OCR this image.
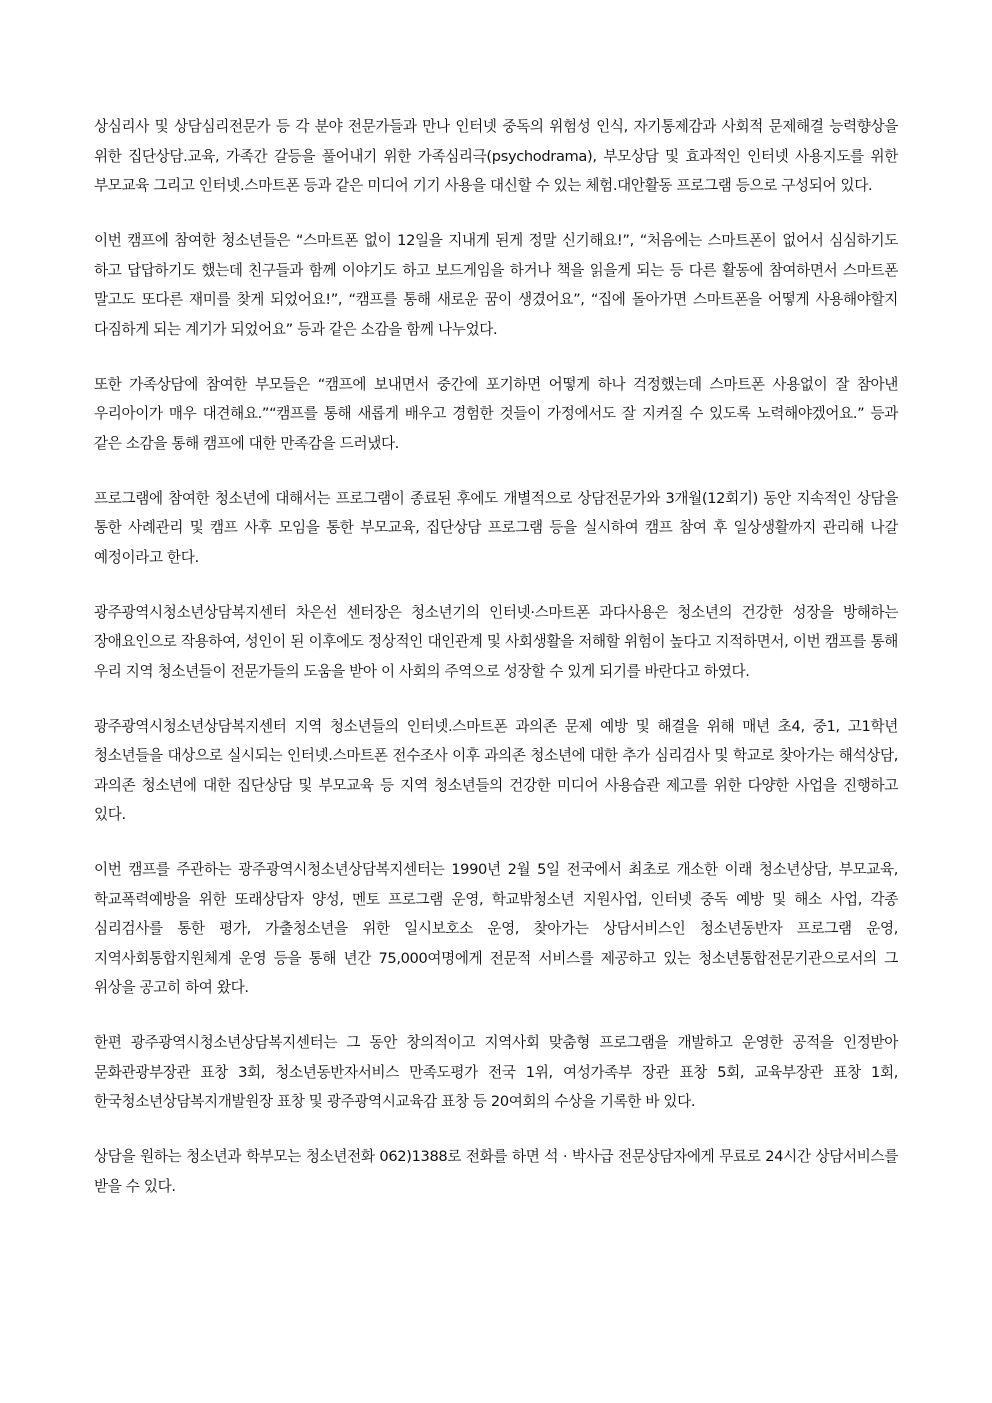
상심리사 및 상담심리전문가 등 각 분야 전문가들과 만나 인터넷 중독의 위험성 인식, 자기통제감과 사회적 문제해결 능력향상을 위한 집단상담.교육, 가족간 갈등을 풀어내기 위한 가족심리극(psychodrama), 부모상담 및 효과적인 인터넷 사용지도를 위한 부모교육 그리고 인터넷.스마트폰 등과 같은 미디어 기기 사용을 대신할 수 있는 체험.대안활동 프로그램 등으로 구성되어 있다.

이번 캠프에 참여한 청소년들은 “스마트폰 없이 12일을 지내게 된게 정말 신기해요!”, “처음에는 스마트폰이 없어서 심심하기도 하고 답답하기도 했는데 친구들과 함께 이야기도 하고 보드게임을 하거나 책을 읽을게 되는 등 다른 활동에 참여하면서 스마트폰 말고도 또다른 재미를 찾게 되었어요!”, “캠프를 통해 새로운 꿈이 생겼어요”, “집에 돌아가면 스마트폰을 어떻게 사용해야할지 다짐하게 되는 계기가 되었어요” 등과 같은 소감을 함께 나누었다.

또한 가족상담에 참여한 부모들은 “캠프에 보내면서 중간에 포기하면 어떻게 하나 걱정했는데 스마트폰 사용없이 잘 참아낸 우리아이가 매우 대견해요.”“캠프를 통해 새롭게 배우고 경험한 것들이 가정에서도 잘 지켜질 수 있도록 노력해야겠어요.” 등과 같은 소감을 통해 캠프에 대한 만족감을 드러냈다.

프로그램에 참여한 청소년에 대해서는 프로그램이 종료된 후에도 개별적으로 상담전문가와 3개월(12회기) 동안 지속적인 상담을 통한 사례관리 및 캠프 사후 모임을 통한 부모교육, 집단상담 프로그램 등을 실시하여 캠프 참여 후 일상생활까지 관리해 나갈 예정이라고 한다.

광주광역시청소년상담복지센터 차은선 센터장은 청소년기의 인터넷·스마트폰 과다사용은 청소년의 건강한 성장을 방해하는 장애요인으로 작용하여, 성인이 된 이후에도 정상적인 대인관계 및 사회생활을 저해할 위험이 높다고 지적하면서, 이번 캠프를 통해 우리 지역 청소년들이 전문가들의 도움을 받아 이 사회의 주역으로 성장할 수 있게 되기를 바란다고 하였다.

광주광역시청소년상담복지센터 지역 청소년들의 인터넷.스마트폰 과의존 문제 예방 및 해결을 위해 매년 초4, 중1, 고1학년 청소년들을 대상으로 실시되는 인터넷.스마트폰 전수조사 이후 과의존 청소년에 대한 추가 심리검사 및 학교로 찾아가는 해석상담, 과의존 청소년에 대한 집단상담 및 부모교육 등 지역 청소년들의 건강한 미디어 사용습관 제고를 위한 다양한 사업을 진행하고 있다.

이번 캠프를 주관하는 광주광역시청소년상담복지센터는 1990년 2월 5일 전국에서 최초로 개소한 이래 청소년상담, 부모교육, 학교폭력예방을 위한 또래상담자 양성, 멘토 프로그램 운영, 학교밖청소년 지원사업, 인터넷 중독 예방 및 해소 사업, 각종 심리검사를 통한 평가, 가출청소년을 위한 일시보호소 운영, 찾아가는 상담서비스인 청소년동반자 프로그램 운영, 지역사회통합지원체계 운영 등을 통해 년간 75,000여명에게 전문적 서비스를 제공하고 있는 청소년통합전문기관으로서의 그 위상을 공고히 하여 왔다.

한편 광주광역시청소년상담복지센터는 그 동안 창의적이고 지역사회 맞춤형 프로그램을 개발하고 운영한 공적을 인정받아 문화관광부장관 표창 3회, 청소년동반자서비스 만족도평가 전국 1위, 여성가족부 장관 표창 5회, 교육부장관 표창 1회, 한국청소년상담복지개발원장 표창 및 광주광역시교육감 표창 등 20여회의 수상을 기록한 바 있다.

상담을 원하는 청소년과 학부모는 청소년전화 062)1388로 전화를 하면 석 · 박사급 전문상담자에게 무료로 24시간 상담서비스를 받을 수 있다.
